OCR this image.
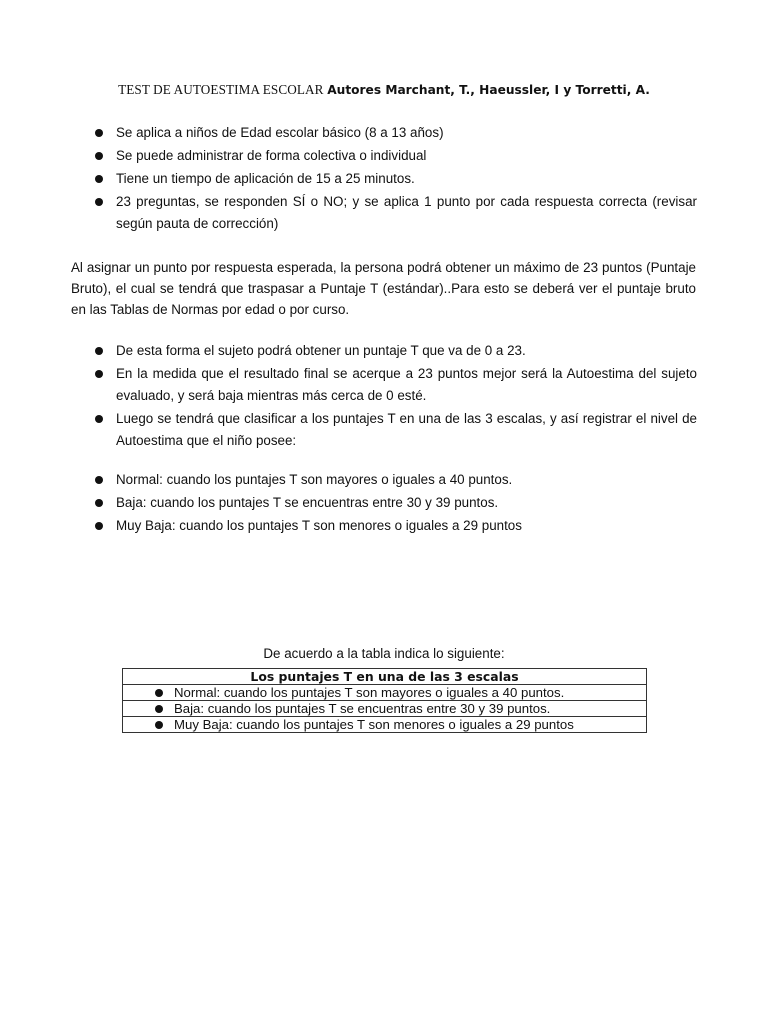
TEST DE AUTOESTIMA ESCOLAR Autores Marchant, T., Haeussler, I y Torretti, A.
Se aplica a niños de Edad escolar básico (8 a 13 años)
Se puede administrar de forma colectiva o individual
Tiene un tiempo de aplicación de 15 a 25 minutos.
23 preguntas, se responden SÍ o NO; y se aplica 1 punto por cada respuesta correcta (revisar según pauta de corrección)

Al asignar un punto por respuesta esperada, la persona podrá obtener un máximo de 23 puntos (Puntaje Bruto), el cual se tendrá que traspasar a Puntaje T (estándar)..Para esto se deberá ver el puntaje bruto en las Tablas de Normas por edad o por curso.

De esta forma el sujeto podrá obtener un puntaje T que va de 0 a 23.
En la medida que el resultado final se acerque a 23 puntos mejor será la Autoestima del sujeto evaluado, y será baja mientras más cerca de 0 esté.
Luego se tendrá que clasificar a los puntajes T en una de las 3 escalas, y así registrar el nivel de Autoestima que el niño posee:
Normal: cuando los puntajes T son mayores o iguales a 40 puntos.
Baja: cuando los puntajes T se encuentras entre 30 y 39 puntos.
Muy Baja: cuando los puntajes T son menores o iguales a 29 puntos
De acuerdo a la tabla indica lo siguiente:
Los puntajes T en una de las 3 escalas

Normal: cuando los puntajes T son mayores o iguales a 40 puntos.

Baja: cuando los puntajes T se encuentras entre 30 y 39 puntos.

Muy Baja: cuando los puntajes T son menores o iguales a 29 puntos
